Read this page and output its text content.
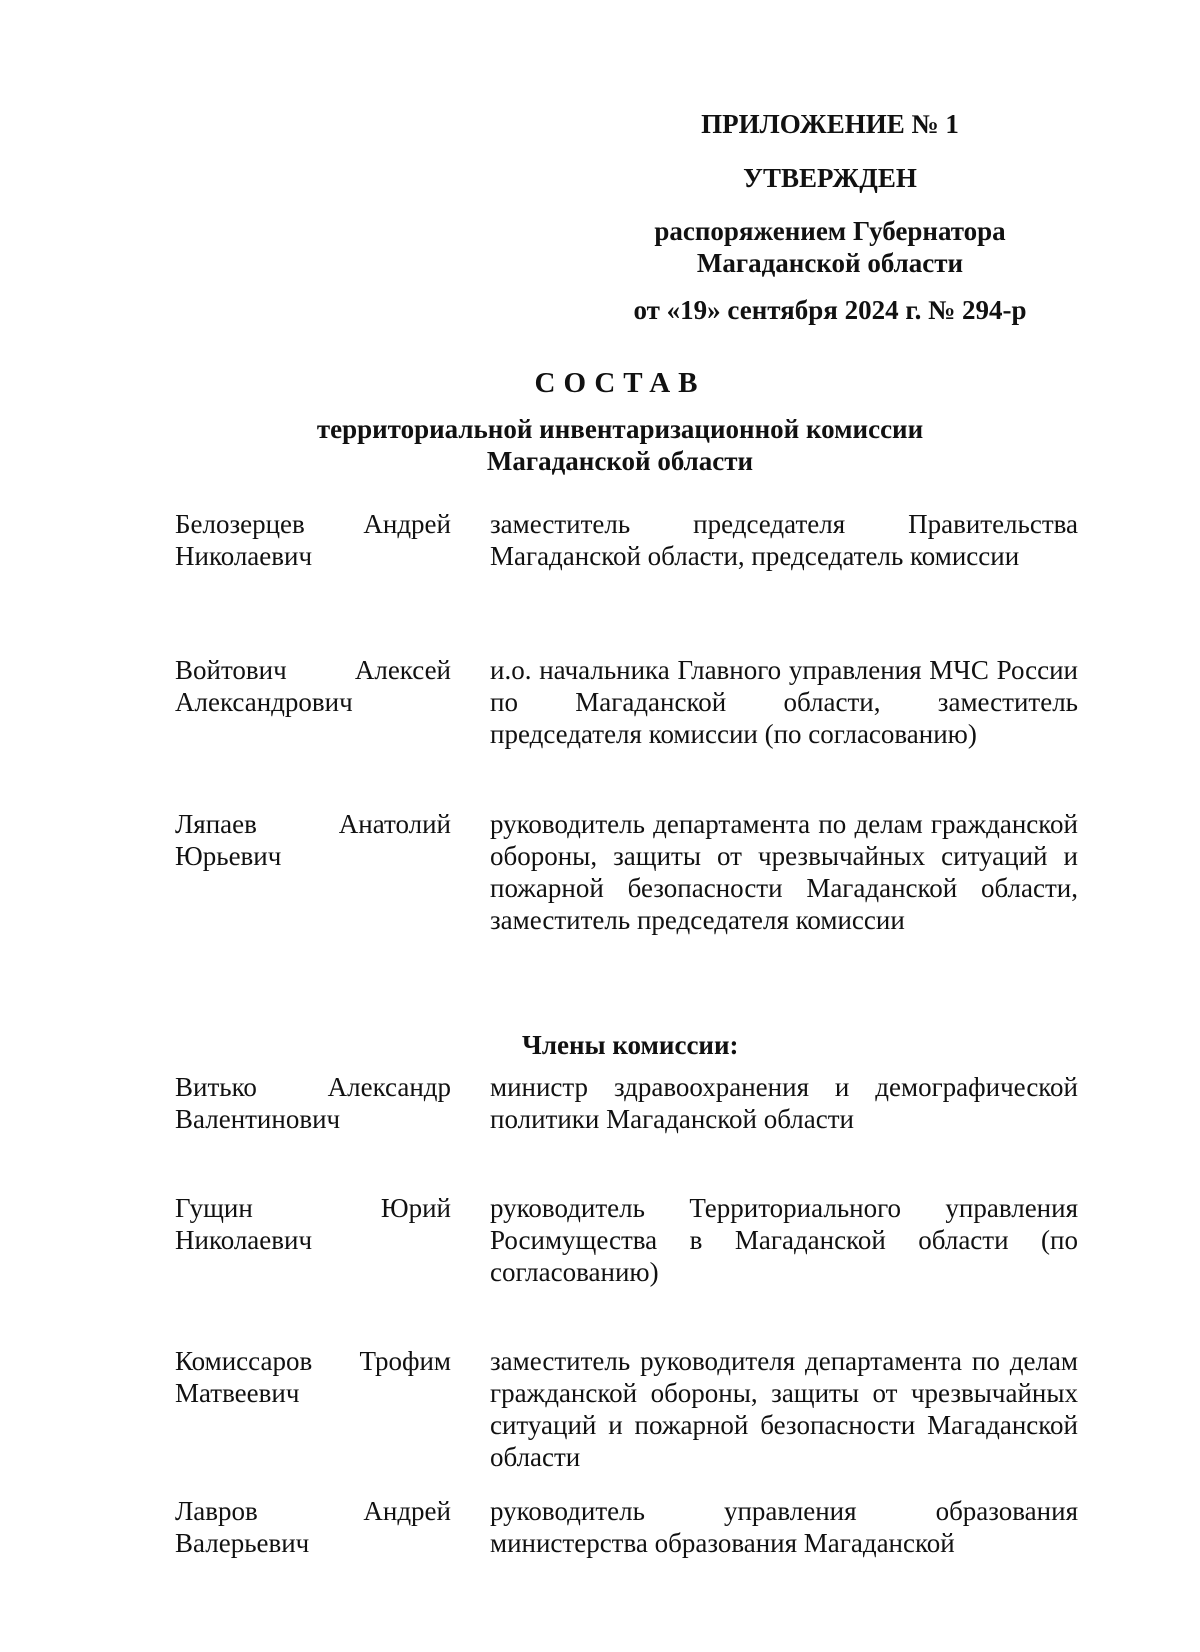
ПРИЛОЖЕНИЕ № 1
УТВЕРЖДЕН
распоряжением Губернатора
Магаданской области
от «19» сентября 2024 г. № 294-р
СОСТАВ
территориальной инвентаризационной комиссии
Магаданской области
Белозерцев Андрей
Николаевич
заместитель председателя Правительства Магаданской области, председатель комиссии
Войтович Алексей
Александрович
и.о. начальника Главного управления МЧС России по Магаданской области, заместитель председателя комиссии (по согласованию)
Ляпаев Анатолий
Юрьевич
руководитель департамента по делам гражданской обороны, защиты от чрезвычайных ситуаций и пожарной безопасности Магаданской области, заместитель председателя комиссии
Члены комиссии:
Витько Александр
Валентинович
министр здравоохранения и демографической политики Магаданской области
Гущин Юрий
Николаевич
руководитель Территориального управления Росимущества в Магаданской области (по согласованию)
Комиссаров Трофим
Матвеевич
заместитель руководителя департамента по делам гражданской обороны, защиты от чрезвычайных ситуаций и пожарной безопасности Магаданской области
Лавров Андрей
Валерьевич
руководитель управления образования министерства образования Магаданской
